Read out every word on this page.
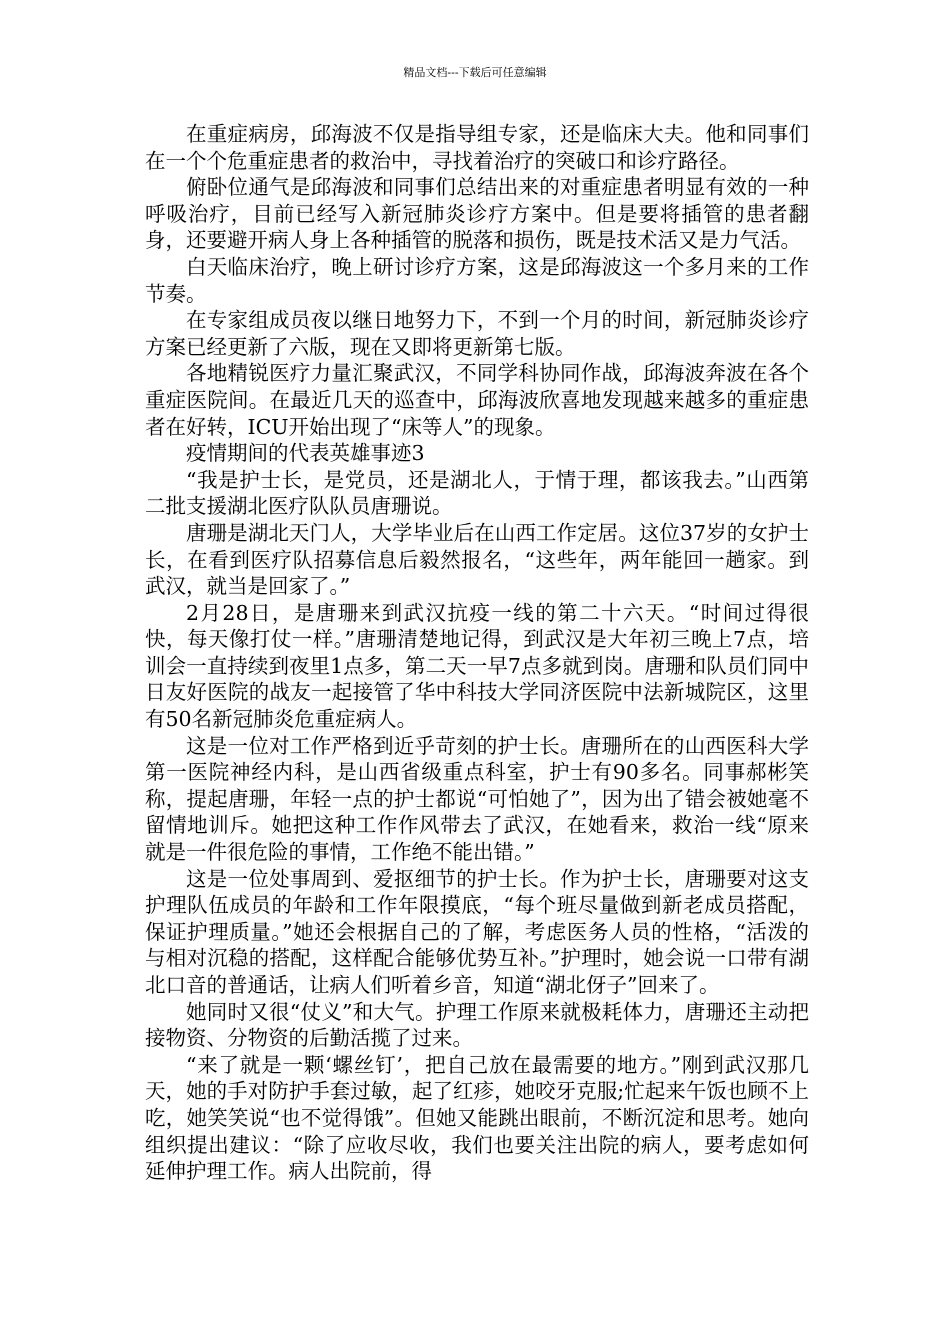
精品文档---下载后可任意编辑

在重症病房，邱海波不仅是指导组专家，还是临床大夫。他和同事们在一个个危重症患者的救治中，寻找着治疗的突破口和诊疗路径。

俯卧位通气是邱海波和同事们总结出来的对重症患者明显有效的一种呼吸治疗，目前已经写入新冠肺炎诊疗方案中。但是要将插管的患者翻身，还要避开病人身上各种插管的脱落和损伤，既是技术活又是力气活。

白天临床治疗，晚上研讨诊疗方案，这是邱海波这一个多月来的工作节奏。

在专家组成员夜以继日地努力下，不到一个月的时间，新冠肺炎诊疗方案已经更新了六版，现在又即将更新第七版。

各地精锐医疗力量汇聚武汉，不同学科协同作战，邱海波奔波在各个重症医院间。在最近几天的巡查中，邱海波欣喜地发现越来越多的重症患者在好转，ICU开始出现了“床等人”的现象。

疫情期间的代表英雄事迹3

“我是护士长，是党员，还是湖北人，于情于理，都该我去。”山西第二批支援湖北医疗队队员唐珊说。

唐珊是湖北天门人，大学毕业后在山西工作定居。这位37岁的女护士长，在看到医疗队招募信息后毅然报名，“这些年，两年能回一趟家。到武汉，就当是回家了。”

2月28日，是唐珊来到武汉抗疫一线的第二十六天。“时间过得很快，每天像打仗一样。”唐珊清楚地记得，到武汉是大年初三晚上7点，培训会一直持续到夜里1点多，第二天一早7点多就到岗。唐珊和队员们同中日友好医院的战友一起接管了华中科技大学同济医院中法新城院区，这里有50名新冠肺炎危重症病人。

这是一位对工作严格到近乎苛刻的护士长。唐珊所在的山西医科大学第一医院神经内科，是山西省级重点科室，护士有90多名。同事郝彬笑称，提起唐珊，年轻一点的护士都说“可怕她了”，因为出了错会被她毫不留情地训斥。她把这种工作作风带去了武汉，在她看来，救治一线“原来就是一件很危险的事情，工作绝不能出错。”

这是一位处事周到、爱抠细节的护士长。作为护士长，唐珊要对这支护理队伍成员的年龄和工作年限摸底，“每个班尽量做到新老成员搭配，保证护理质量。”她还会根据自己的了解，考虑医务人员的性格，“活泼的与相对沉稳的搭配，这样配合能够优势互补。”护理时，她会说一口带有湖北口音的普通话，让病人们听着乡音，知道“湖北伢子”回来了。

她同时又很“仗义”和大气。护理工作原来就极耗体力，唐珊还主动把接物资、分物资的后勤活揽了过来。

“来了就是一颗‘螺丝钉’，把自己放在最需要的地方。”刚到武汉那几天，她的手对防护手套过敏，起了红疹，她咬牙克服;忙起来午饭也顾不上吃，她笑笑说“也不觉得饿”。但她又能跳出眼前，不断沉淀和思考。她向组织提出建议：“除了应收尽收，我们也要关注出院的病人，要考虑如何延伸护理工作。病人出院前，得
